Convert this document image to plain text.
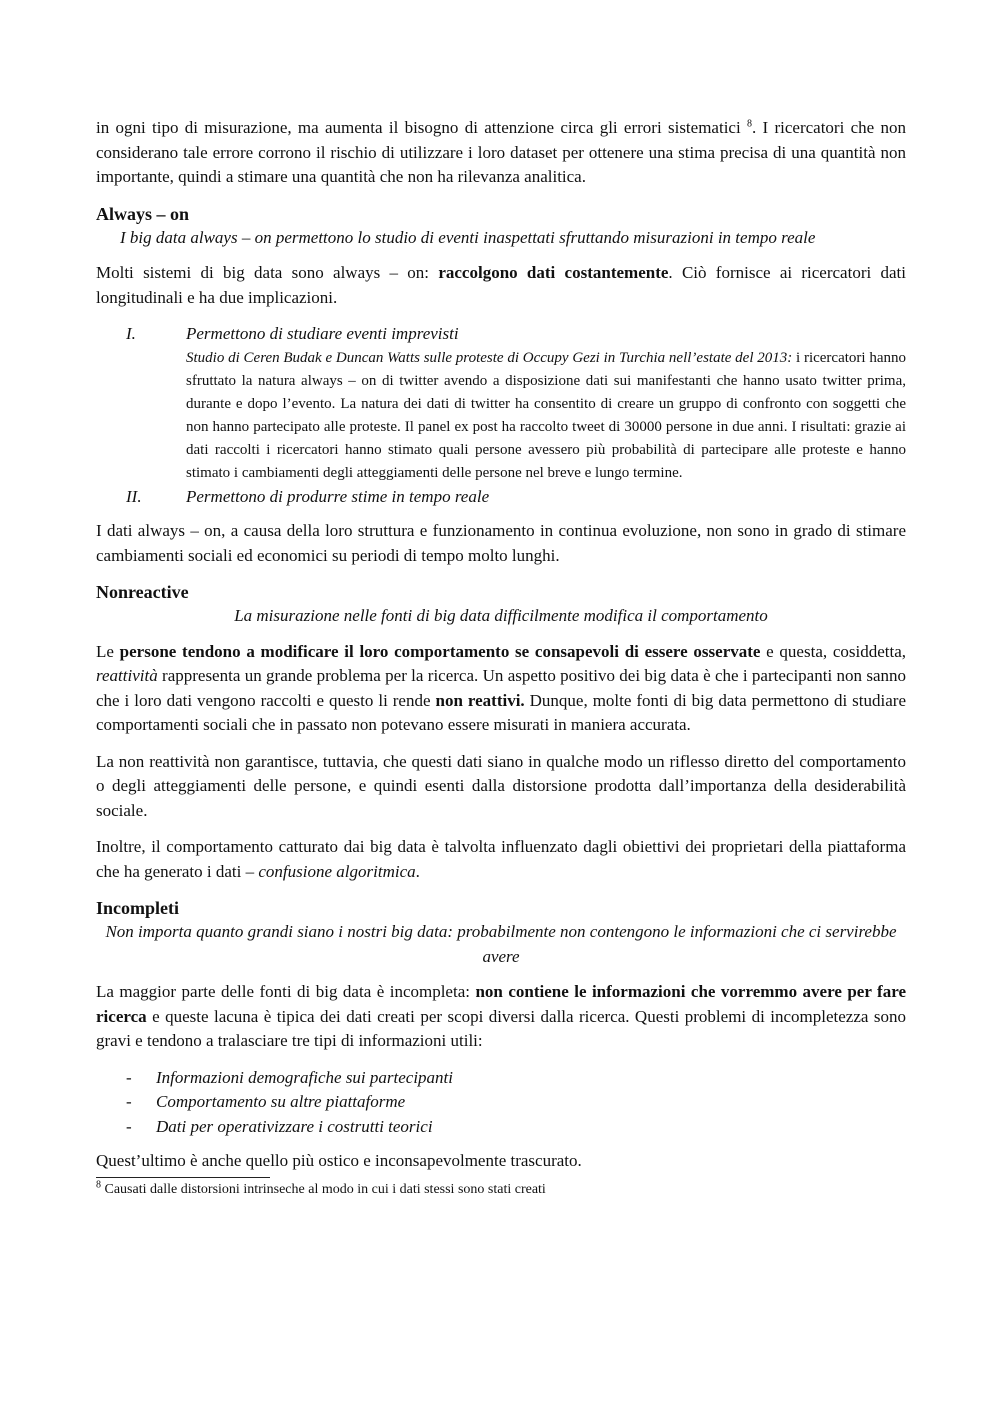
in ogni tipo di misurazione, ma aumenta il bisogno di attenzione circa gli errori sistematici $^8$. I ricercatori che non considerano tale errore corrono il rischio di utilizzare i loro dataset per ottenere una stima precisa di una quantità non importante, quindi a stimare una quantità che non ha rilevanza analitica.

Always – on

I big data always – on permettono lo studio di eventi inaspettati sfruttando misurazioni in tempo reale

Molti sistemi di big data sono always – on: raccolgono dati costantemente. Ciò fornisce ai ricercatori dati longitudinali e ha due implicazioni.

I.	Permettono di studiare eventi imprevisti

Studio di Ceren Budak e Duncan Watts sulle proteste di Occupy Gezi in Turchia nell’estate del 2013: i ricercatori hanno sfruttato la natura always – on di twitter avendo a disposizione dati sui manifestanti che hanno usato twitter prima, durante e dopo l’evento. La natura dei dati di twitter ha consentito di creare un gruppo di confronto con soggetti che non hanno partecipato alle proteste. Il panel ex post ha raccolto tweet di 30000 persone in due anni. I risultati: grazie ai dati raccolti i ricercatori hanno stimato quali persone avessero più probabilità di partecipare alle proteste e hanno stimato i cambiamenti degli atteggiamenti delle persone nel breve e lungo termine.

II.	Permettono di produrre stime in tempo reale

I dati always – on, a causa della loro struttura e funzionamento in continua evoluzione, non sono in grado di stimare cambiamenti sociali ed economici su periodi di tempo molto lunghi.

Nonreactive

La misurazione nelle fonti di big data difficilmente modifica il comportamento

Le persone tendono a modificare il loro comportamento se consapevoli di essere osservate e questa, cosiddetta, reattività rappresenta un grande problema per la ricerca. Un aspetto positivo dei big data è che i partecipanti non sanno che i loro dati vengono raccolti e questo li rende non reattivi. Dunque, molte fonti di big data permettono di studiare comportamenti sociali che in passato non potevano essere misurati in maniera accurata.

La non reattività non garantisce, tuttavia, che questi dati siano in qualche modo un riflesso diretto del comportamento o degli atteggiamenti delle persone, e quindi esenti dalla distorsione prodotta dall’importanza della desiderabilità sociale.

Inoltre, il comportamento catturato dai big data è talvolta influenzato dagli obiettivi dei proprietari della piattaforma che ha generato i dati – confusione algoritmica.

Incompleti

Non importa quanto grandi siano i nostri big data: probabilmente non contengono le informazioni che ci servirebbe avere

La maggior parte delle fonti di big data è incompleta: non contiene le informazioni che vorremmo avere per fare ricerca e queste lacuna è tipica dei dati creati per scopi diversi dalla ricerca. Questi problemi di incompletezza sono gravi e tendono a tralasciare tre tipi di informazioni utili:

- Informazioni demografiche sui partecipanti
- Comportamento su altre piattaforme
- Dati per operativizzare i costrutti teorici

Quest’ultimo è anche quello più ostico e inconsapevolmente trascurato.

$^8$ Causati dalle distorsioni intrinseche al modo in cui i dati stessi sono stati creati
